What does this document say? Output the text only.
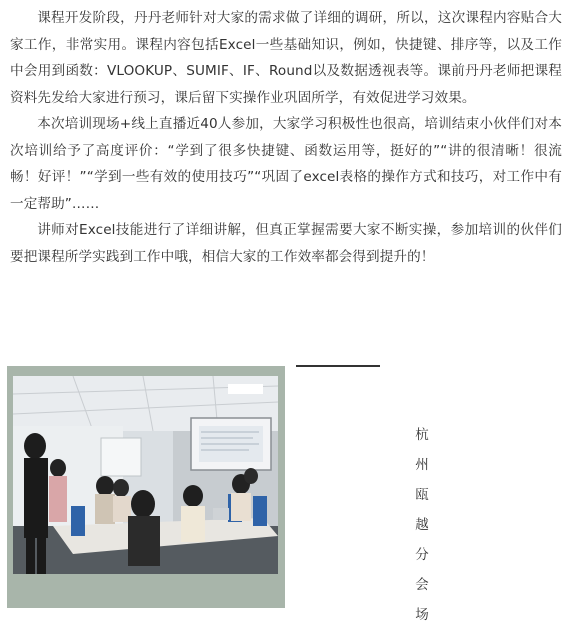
课程开发阶段，丹丹老师针对大家的需求做了详细的调研，所以，这次课程内容贴合大家工作，非常实用。课程内容包括Excel一些基础知识，例如，快捷键、排序等，以及工作中会用到函数：VLOOKUP、SUMIF、IF、Round以及数据透视表等。课前丹丹老师把课程资料先发给大家进行预习，课后留下实操作业巩固所学，有效促进学习效果。

本次培训现场+线上直播近40人参加，大家学习积极性也很高，培训结束小伙伴们对本次培训给予了高度评价：“学到了很多快捷键、函数运用等，挺好的”“讲的很清晰！很流畅！好评！”“学到一些有效的使用技巧”“巩固了excel表格的操作方式和技巧，对工作中有一定帮助”……

讲师对Excel技能进行了详细讲解，但真正掌握需要大家不断实操，参加培训的伙伴们要把课程所学实践到工作中哦，相信大家的工作效率都会得到提升的！

杭
州
瓯
越
分
会
场
